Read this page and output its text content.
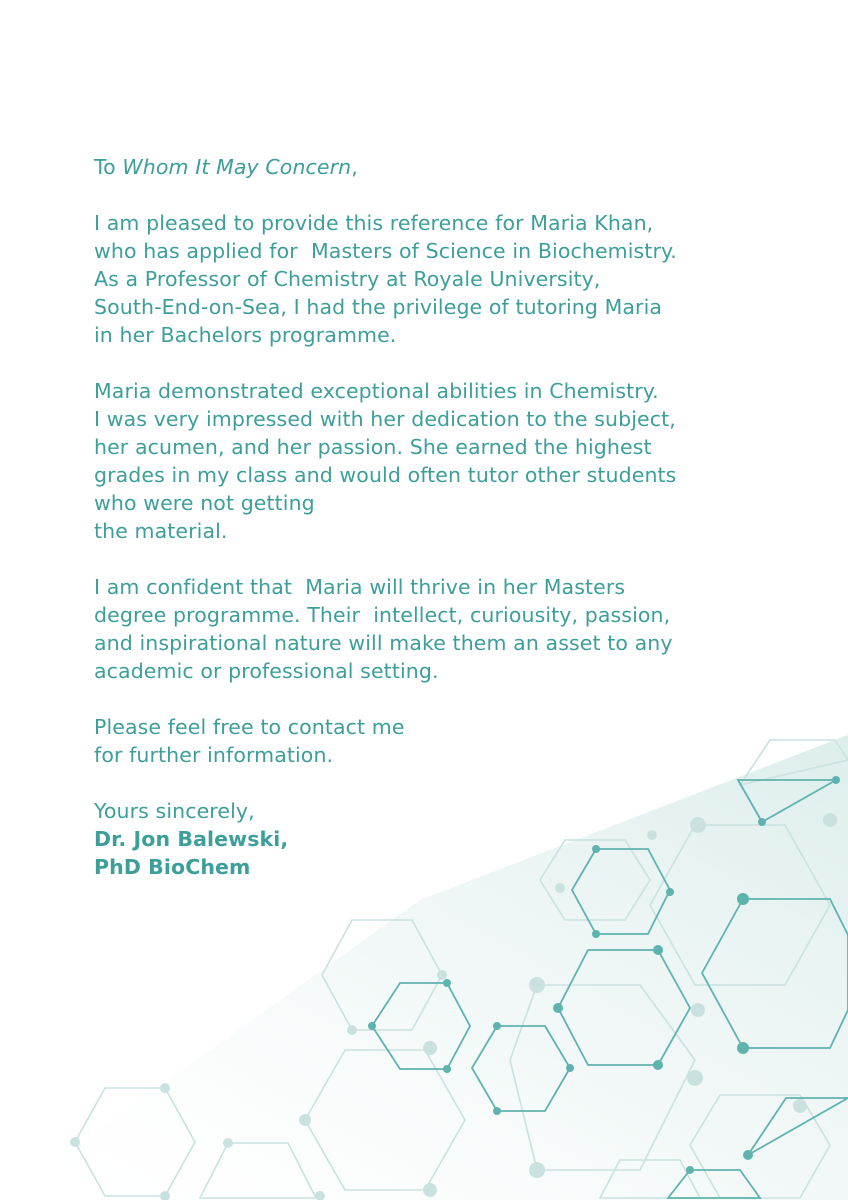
To Whom It May Concern,

I am pleased to provide this reference for Maria Khan,
who has applied for  Masters of Science in Biochemistry.
As a Professor of Chemistry at Royale University,
South-End-on-Sea, I had the privilege of tutoring Maria
in her Bachelors programme.

Maria demonstrated exceptional abilities in Chemistry.
I was very impressed with her dedication to the subject,
her acumen, and her passion. She earned the highest
grades in my class and would often tutor other students
who were not getting
the material.

I am confident that  Maria will thrive in her Masters
degree programme. Their  intellect, curiousity, passion,
and inspirational nature will make them an asset to any
academic or professional setting.

Please feel free to contact me
for further information.

Yours sincerely,
Dr. Jon Balewski,
PhD BioChem
